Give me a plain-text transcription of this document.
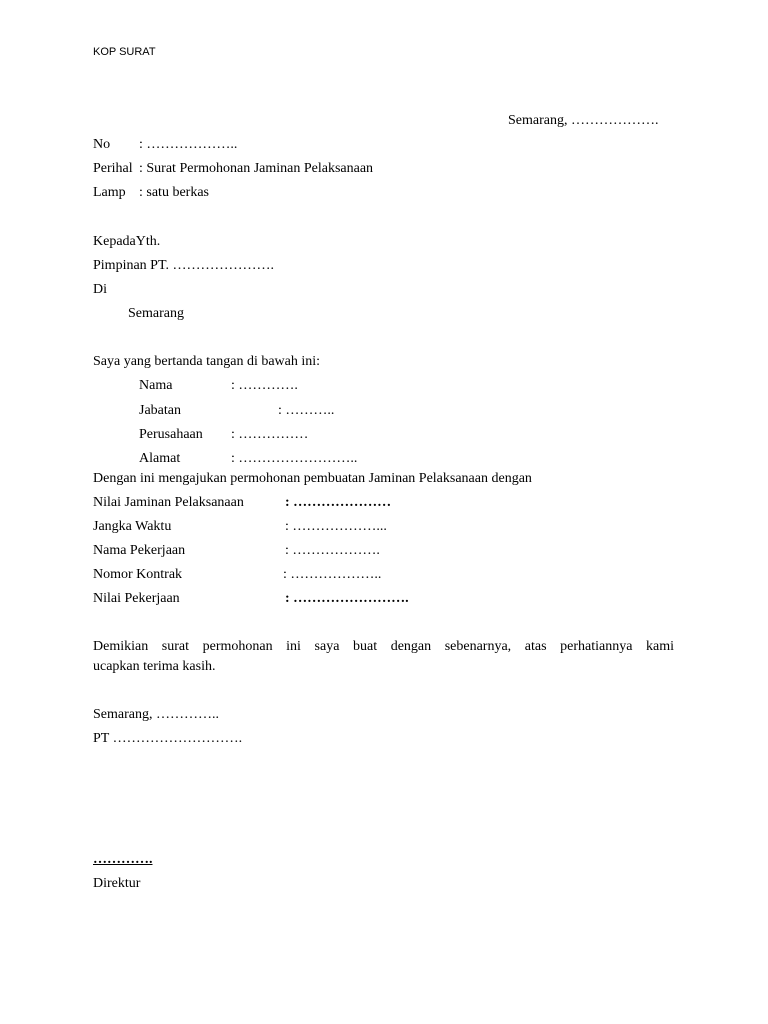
KOP SURAT
Semarang, ……………….
No : ………………..
Perihal : Surat Permohonan Jaminan Pelaksanaan
Lamp : satu berkas
KepadaYth.
Pimpinan PT. ………………….
Di
Semarang
Saya yang bertanda tangan di bawah ini:
Nama	: ………….
Jabatan	: ………..
Perusahaan : ……………
Alamat	: ……………………..
Dengan ini mengajukan permohonan pembuatan Jaminan Pelaksanaan dengan
Nilai Jaminan Pelaksanaan	: …………………
Jangka Waktu	: ………………...
Nama Pekerjaan	: ……………….
Nomor Kontrak	: ………………..
Nilai Pekerjaan	: …………………….
Demikian surat permohonan ini saya buat dengan sebenarnya, atas perhatiannya kami
ucapkan terima kasih.
Semarang, …………..
PT ……………………….
………….
Direktur
